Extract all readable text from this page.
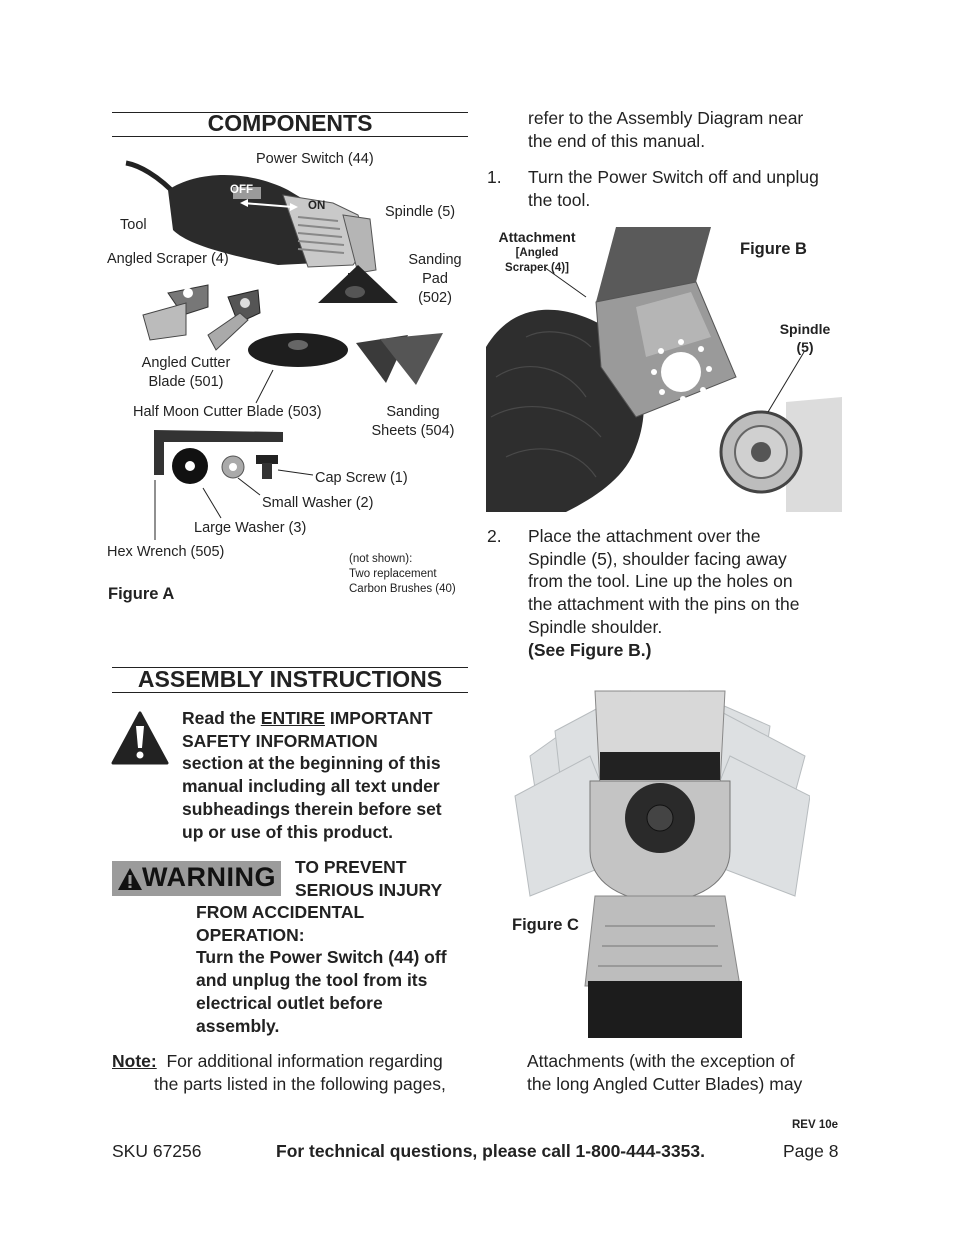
COMPONENTS
Power Switch (44)
OFF
ON
Tool
Spindle (5)
Angled Scraper (4)	Sanding
Pad
(502)
Angled Cutter
Blade (501)
Half Moon Cutter Blade (503)	Sanding
Sheets (504)
Cap Screw (1)
Small Washer (2)
Large Washer (3)
Hex Wrench (505)	(not shown):
Two replacement
Carbon Brushes (40)
Figure A
ASSEMBLY INSTRUCTIONS
Read the ENTIRE IMPORTANT
SAFETY INFORMATION
section at the beginning of this
manual including all text under
subheadings therein before set
up or use of this product.
WARNING TO PREVENT
SERIOUS INJURY
FROM ACCIDENTAL
OPERATION:
Turn the Power Switch (44) off
and unplug the tool from its
electrical outlet before
assembly.
Note: For additional information regarding
the parts listed in the following pages,
refer to the Assembly Diagram near
the end of this manual.
1. Turn the Power Switch off and unplug
the tool.
Attachment
[Angled
Scraper (4)]
Figure B
Spindle
(5)
2. Place the attachment over the
Spindle (5), shoulder facing away
from the tool. Line up the holes on
the attachment with the pins on the
Spindle shoulder.
(See Figure B.)
Figure C
Attachments (with the exception of
the long Angled Cutter Blades) may
REV 10e
SKU 67256	For technical questions, please call 1-800-444-3353.	Page 8
